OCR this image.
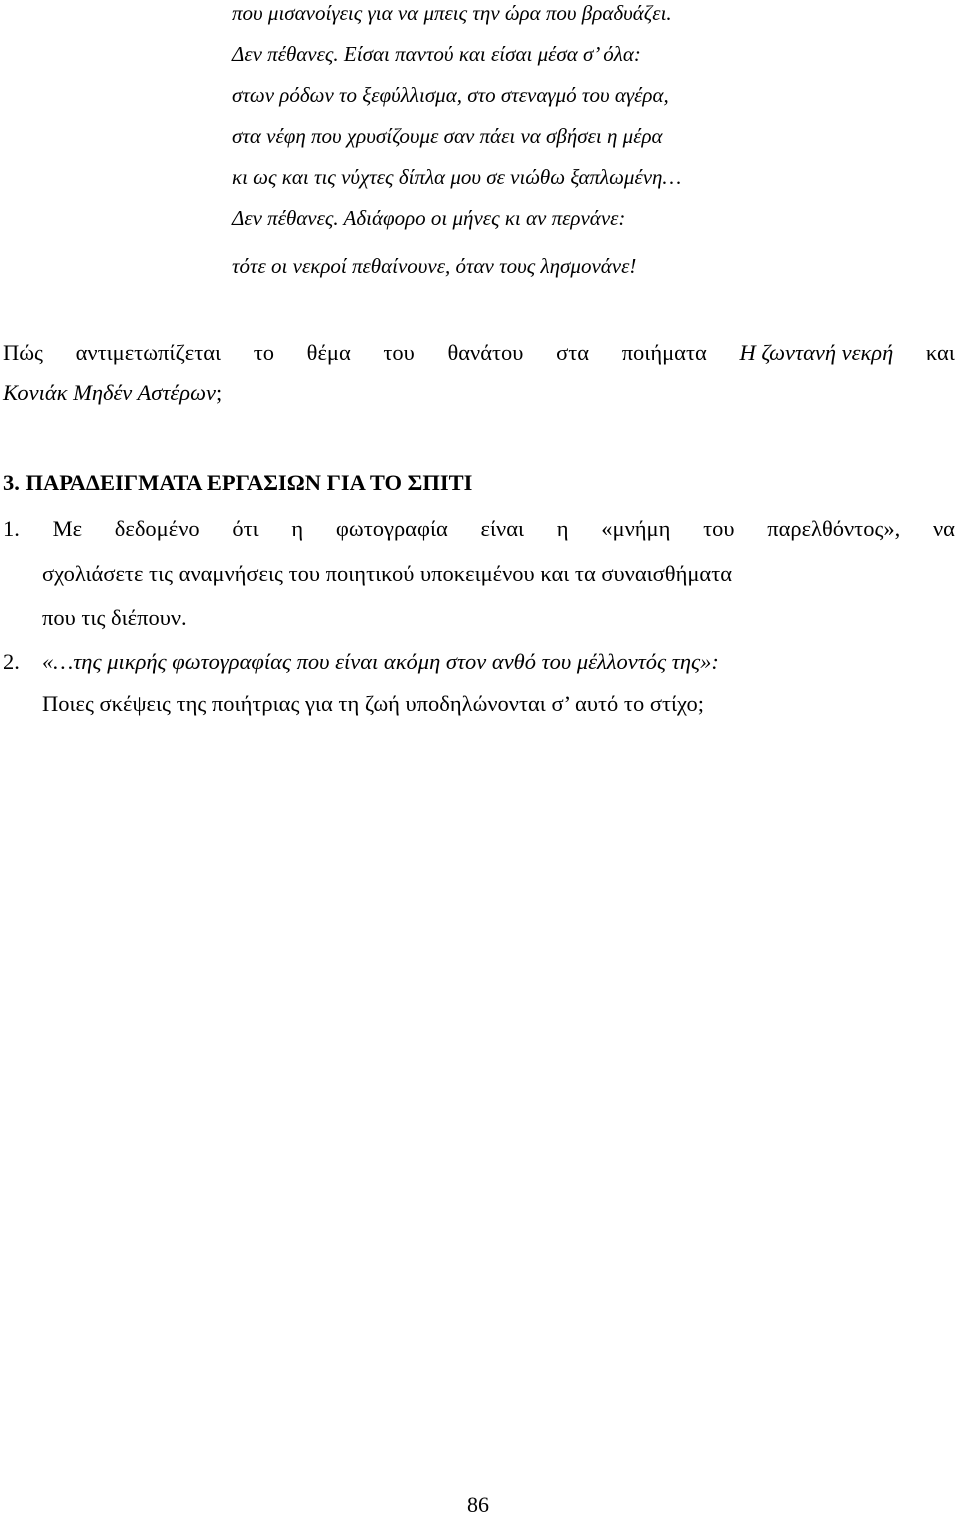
που μισανοίγεις για να μπεις την ώρα που βραδυάζει.
Δεν πέθανες. Είσαι παντού και είσαι μέσα σ’ όλα:
στων ρόδων το ξεφύλλισμα, στο στεναγμό του αγέρα,
στα νέφη που χρυσίζουμε σαν πάει να σβήσει η μέρα
κι ως και τις νύχτες δίπλα μου σε νιώθω ξαπλωμένη…
Δεν πέθανες. Αδιάφορο οι μήνες κι αν περνάνε:
τότε οι νεκροί πεθαίνουνε, όταν τους λησμονάνε!
Πώς αντιμετωπίζεται το θέμα του θανάτου στα ποιήματα Η ζωντανή νεκρή και
Κονιάκ Μηδέν Αστέρων;
3. ΠΑΡΑΔΕΙΓΜΑΤΑ ΕΡΓΑΣΙΩΝ ΓΙΑ ΤΟ ΣΠΙΤΙ
1. Με δεδομένο ότι η φωτογραφία είναι η «μνήμη του παρελθόντος», να
σχολιάσετε τις αναμνήσεις του ποιητικού υποκειμένου και τα συναισθήματα
που τις διέπουν.
2. «…της μικρής φωτογραφίας που είναι ακόμη στον ανθό του μέλλοντός της»:
Ποιες σκέψεις της ποιήτριας για τη ζωή υποδηλώνονται σ’ αυτό το στίχο;
86
